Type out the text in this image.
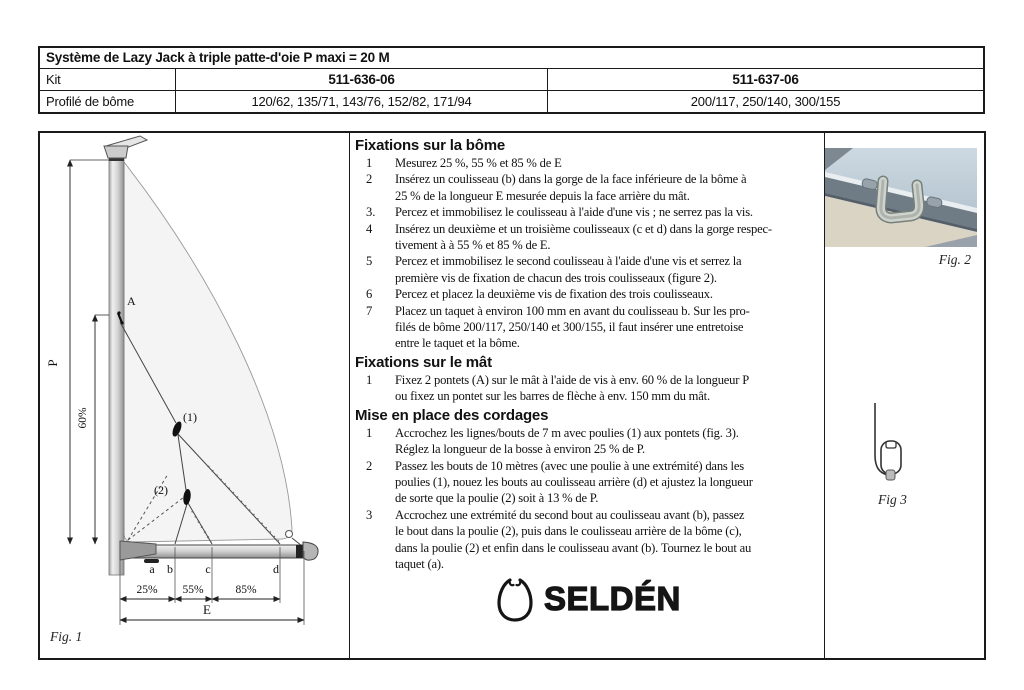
Système de Lazy Jack à triple patte-d'oie P maxi = 20 M
Kit	511-636-06	511-637-06
Profilé de bôme	120/62, 135/71, 143/76, 152/82, 171/94	200/117, 250/140, 300/155
P
60%
A
(1)
(2)
a b	c	d
25% 55%	85%
E
Fig. 1
Fixations sur la bôme
1	Mesurez 25 %, 55 % et 85 % de E
2	Insérez un coulisseau (b) dans la gorge de la face inférieure de la bôme à
25 % de la longueur E mesurée depuis la face arrière du mât.
3.	Percez et immobilisez le coulisseau à l'aide d'une vis ; ne serrez pas la vis.
4	Insérez un deuxième et un troisième coulisseaux (c et d) dans la gorge respec-
tivement à à 55 % et 85 % de E.
5	Percez et immobilisez le second coulisseau à l'aide d'une vis et serrez la
première vis de fixation de chacun des trois coulisseaux (figure 2).
6	Percez et placez la deuxième vis de fixation des trois coulisseaux.
7	Placez un taquet à environ 100 mm en avant du coulisseau b. Sur les pro-
filés de bôme 200/117, 250/140 et 300/155, il faut insérer une entretoise
entre le taquet et la bôme.
Fixations sur le mât
1	Fixez 2 pontets (A) sur le mât à l'aide de vis à env. 60 % de la longueur P
ou fixez un pontet sur les barres de flèche à env. 150 mm du mât.
Mise en place des cordages
1	Accrochez les lignes/bouts de 7 m avec poulies (1) aux pontets (fig. 3).
Réglez la longueur de la bosse à environ 25 % de P.
2	Passez les bouts de 10 mètres (avec une poulie à une extrémité) dans les
poulies (1), nouez les bouts au coulisseau arrière (d) et ajustez la longueur
de sorte que la poulie (2) soit à 13 % de P.
3	Accrochez une extrémité du second bout au coulisseau avant (b), passez
le bout dans la poulie (2), puis dans le coulisseau arrière de la bôme (c),
dans la poulie (2) et enfin dans le coulisseau avant (b). Tournez le bout au
taquet (a).
SELDÉN
Fig. 2
Fig 3
